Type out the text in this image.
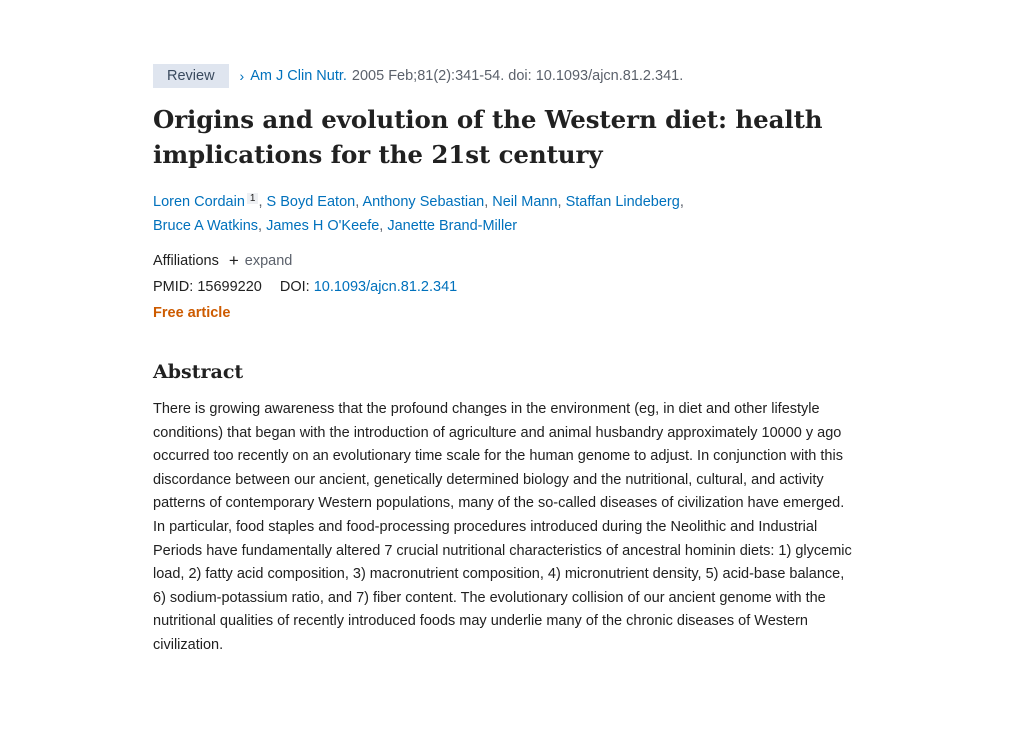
Review	› Am J Clin Nutr. 2005 Feb;81(2):341-54. doi: 10.1093/ajcn.81.2.341.
Origins and evolution of the Western diet: health implications for the 21st century
Loren Cordain $^1$ , S Boyd Eaton, Anthony Sebastian, Neil Mann, Staffan Lindeberg,
Bruce A Watkins, James H O'Keefe, Janette Brand-Miller
Affiliations + expand
PMID: 15699220 DOI: 10.1093/ajcn.81.2.341
Free article
Abstract
There is growing awareness that the profound changes in the environment (eg, in diet and other lifestyle conditions) that began with the introduction of agriculture and animal husbandry approximately 10000 y ago occurred too recently on an evolutionary time scale for the human genome to adjust. In conjunction with this discordance between our ancient, genetically determined biology and the nutritional, cultural, and activity patterns of contemporary Western populations, many of the so-called diseases of civilization have emerged. In particular, food staples and food-processing procedures introduced during the Neolithic and Industrial Periods have fundamentally altered 7 crucial nutritional characteristics of ancestral hominin diets: 1) glycemic load, 2) fatty acid composition, 3) macronutrient composition, 4) micronutrient density, 5) acid-base balance, 6) sodium-potassium ratio, and 7) fiber content. The evolutionary collision of our ancient genome with the nutritional qualities of recently introduced foods may underlie many of the chronic diseases of Western civilization.
